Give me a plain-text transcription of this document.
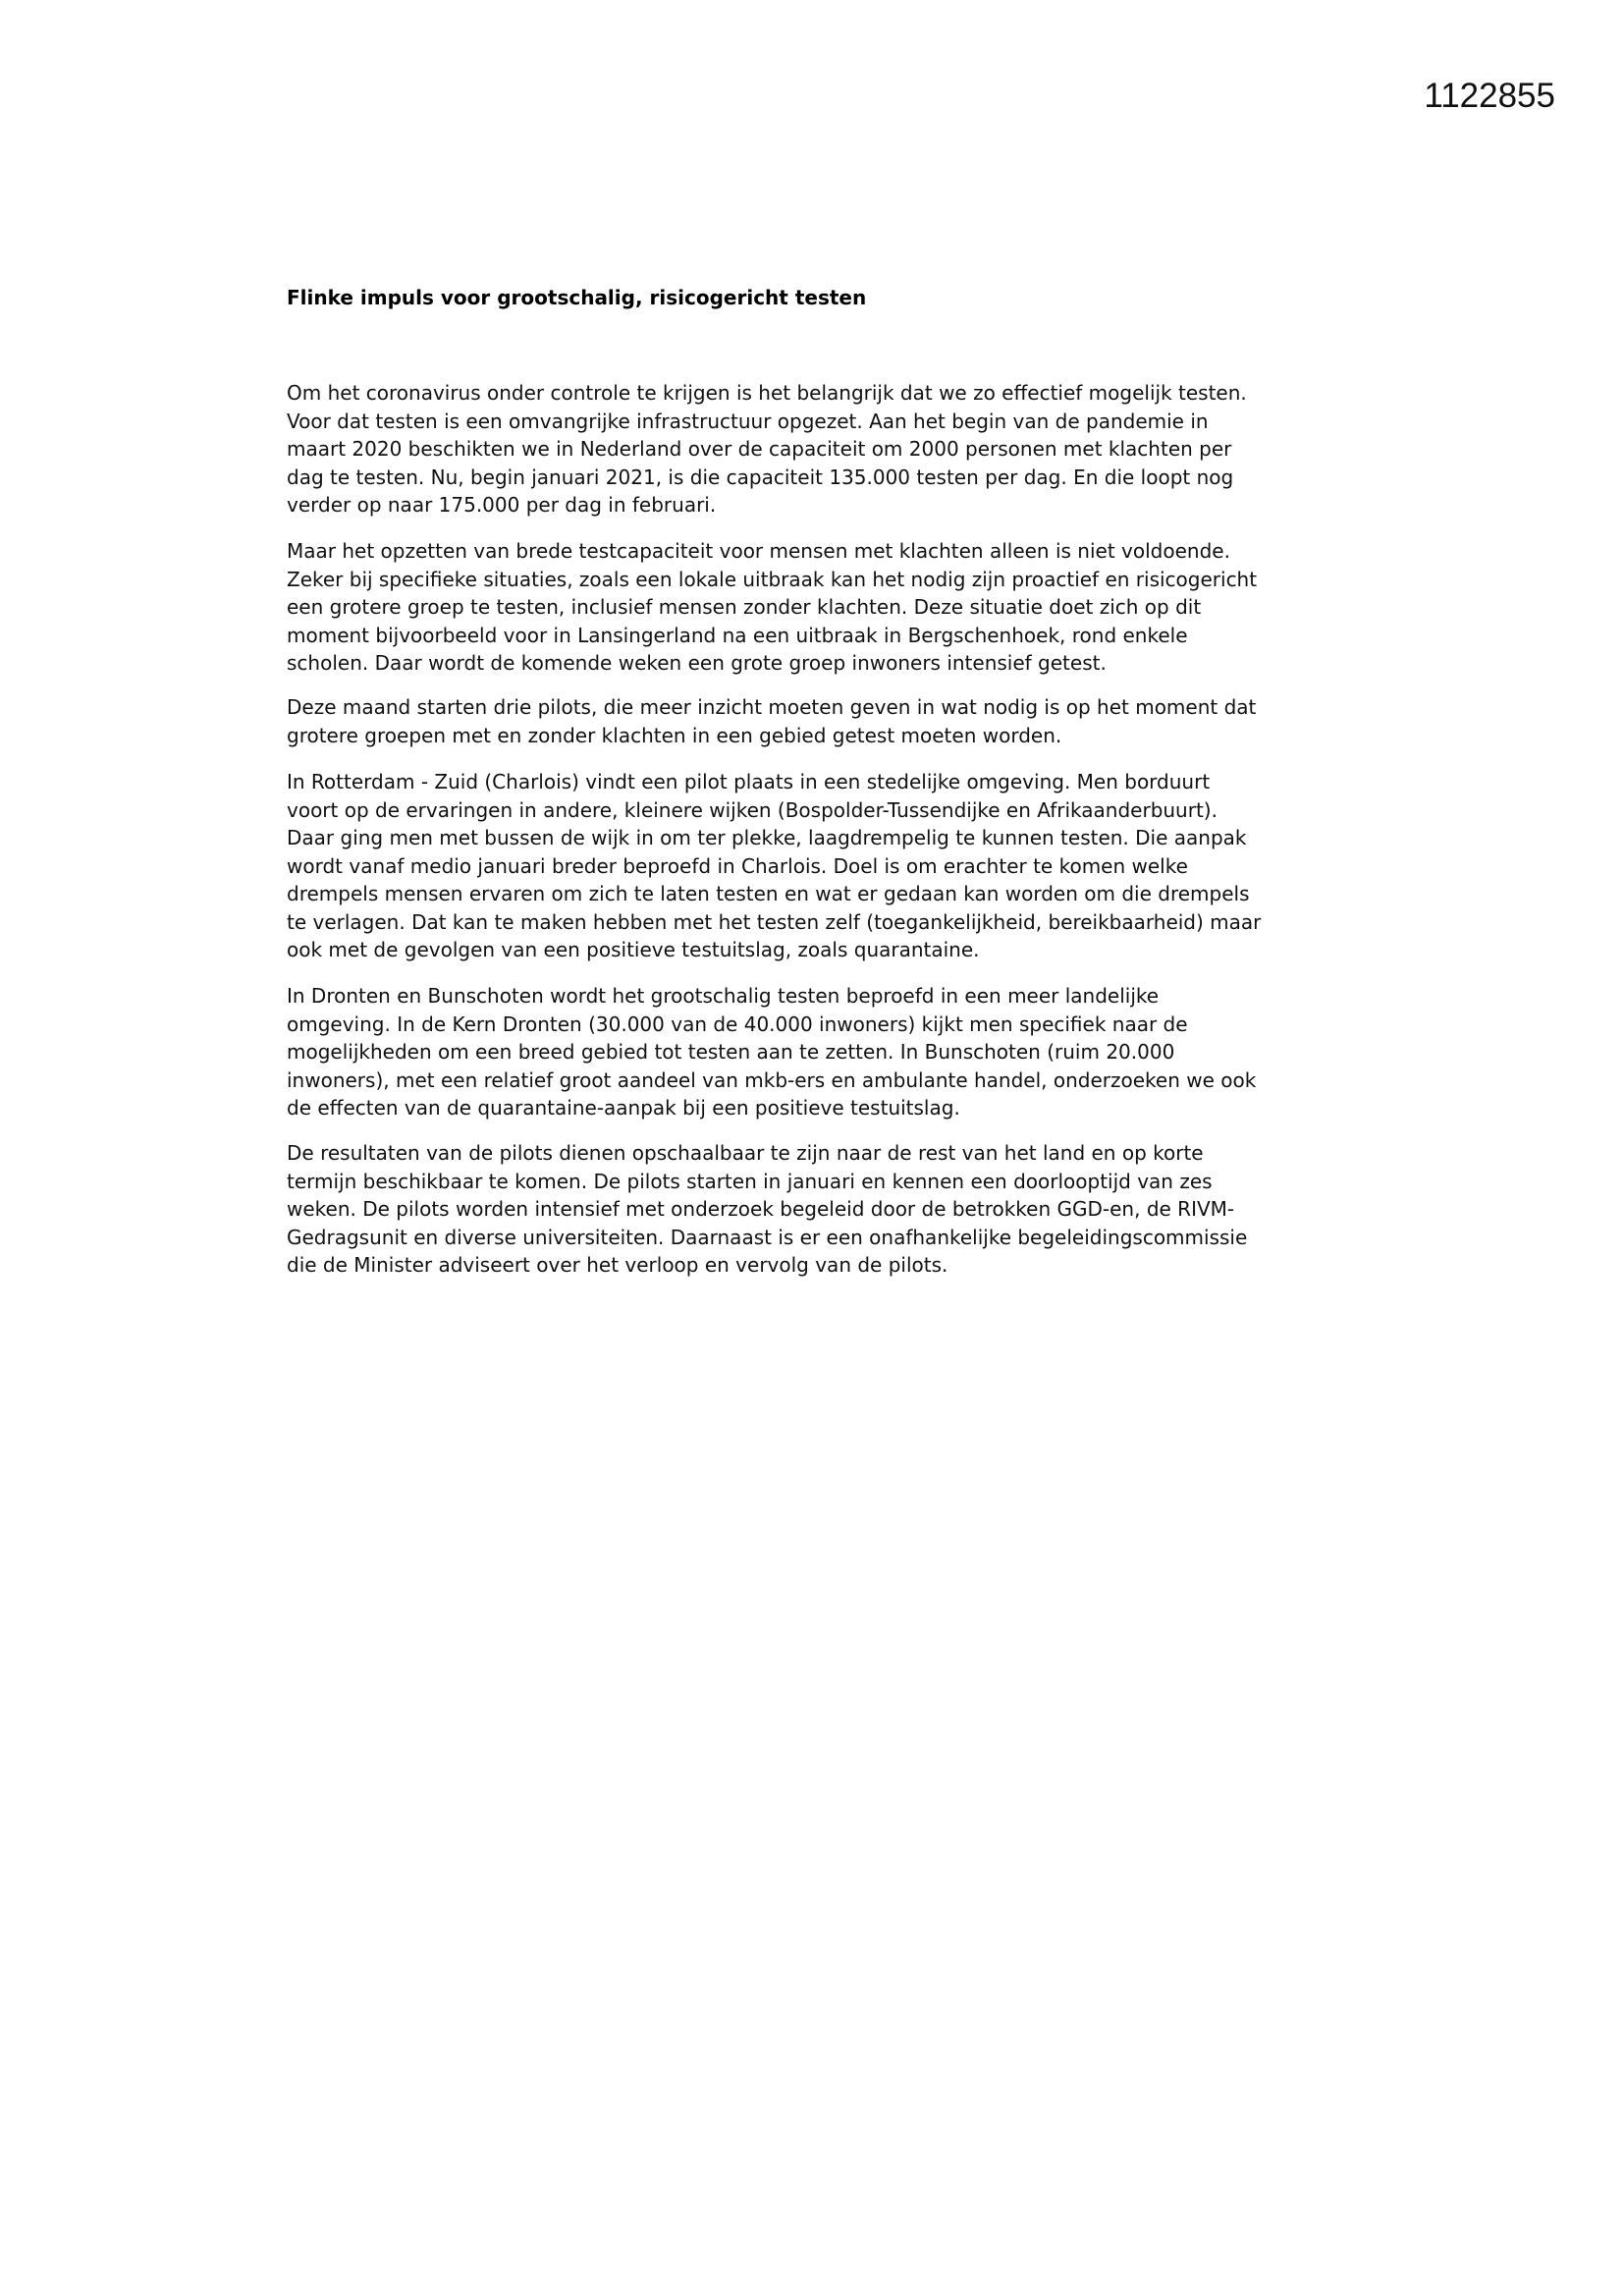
1122855
Flinke impuls voor grootschalig, risicogericht testen
Om het coronavirus onder controle te krijgen is het belangrijk dat we zo effectief mogelijk testen.
Voor dat testen is een omvangrijke infrastructuur opgezet. Aan het begin van de pandemie in
maart 2020 beschikten we in Nederland over de capaciteit om 2000 personen met klachten per
dag te testen. Nu, begin januari 2021, is die capaciteit 135.000 testen per dag. En die loopt nog
verder op naar 175.000 per dag in februari.
Maar het opzetten van brede testcapaciteit voor mensen met klachten alleen is niet voldoende.
Zeker bij specifieke situaties, zoals een lokale uitbraak kan het nodig zijn proactief en risicogericht
een grotere groep te testen, inclusief mensen zonder klachten. Deze situatie doet zich op dit
moment bijvoorbeeld voor in Lansingerland na een uitbraak in Bergschenhoek, rond enkele
scholen. Daar wordt de komende weken een grote groep inwoners intensief getest.
Deze maand starten drie pilots, die meer inzicht moeten geven in wat nodig is op het moment dat
grotere groepen met en zonder klachten in een gebied getest moeten worden.
In Rotterdam - Zuid (Charlois) vindt een pilot plaats in een stedelijke omgeving. Men borduurt
voort op de ervaringen in andere, kleinere wijken (Bospolder-Tussendijke en Afrikaanderbuurt).
Daar ging men met bussen de wijk in om ter plekke, laagdrempelig te kunnen testen. Die aanpak
wordt vanaf medio januari breder beproefd in Charlois. Doel is om erachter te komen welke
drempels mensen ervaren om zich te laten testen en wat er gedaan kan worden om die drempels
te verlagen. Dat kan te maken hebben met het testen zelf (toegankelijkheid, bereikbaarheid) maar
ook met de gevolgen van een positieve testuitslag, zoals quarantaine.
In Dronten en Bunschoten wordt het grootschalig testen beproefd in een meer landelijke
omgeving. In de Kern Dronten (30.000 van de 40.000 inwoners) kijkt men specifiek naar de
mogelijkheden om een breed gebied tot testen aan te zetten. In Bunschoten (ruim 20.000
inwoners), met een relatief groot aandeel van mkb-ers en ambulante handel, onderzoeken we ook
de effecten van de quarantaine-aanpak bij een positieve testuitslag.
De resultaten van de pilots dienen opschaalbaar te zijn naar de rest van het land en op korte
termijn beschikbaar te komen. De pilots starten in januari en kennen een doorlooptijd van zes
weken. De pilots worden intensief met onderzoek begeleid door de betrokken GGD-en, de RIVM-
Gedragsunit en diverse universiteiten. Daarnaast is er een onafhankelijke begeleidingscommissie
die de Minister adviseert over het verloop en vervolg van de pilots.
